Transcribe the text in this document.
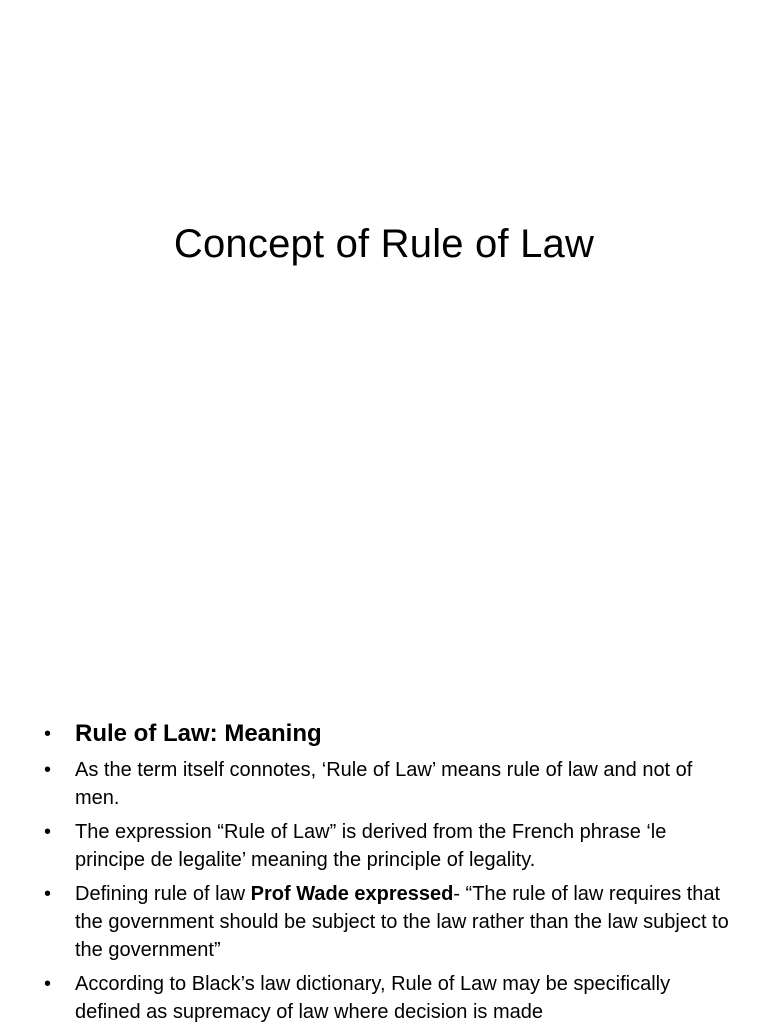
Concept of Rule of Law
• Rule of Law: Meaning
• As the term itself connotes, ‘Rule of Law’ means rule of law and not of men.
• The expression “Rule of Law” is derived from the French phrase ‘le principe de legalite’ meaning the principle of legality.
• Defining rule of law Prof Wade expressed- “The rule of law requires that the government should be subject to the law rather than the law subject to the government”
• According to Black’s law dictionary, Rule of Law may be specifically defined as supremacy of law where decision is made
